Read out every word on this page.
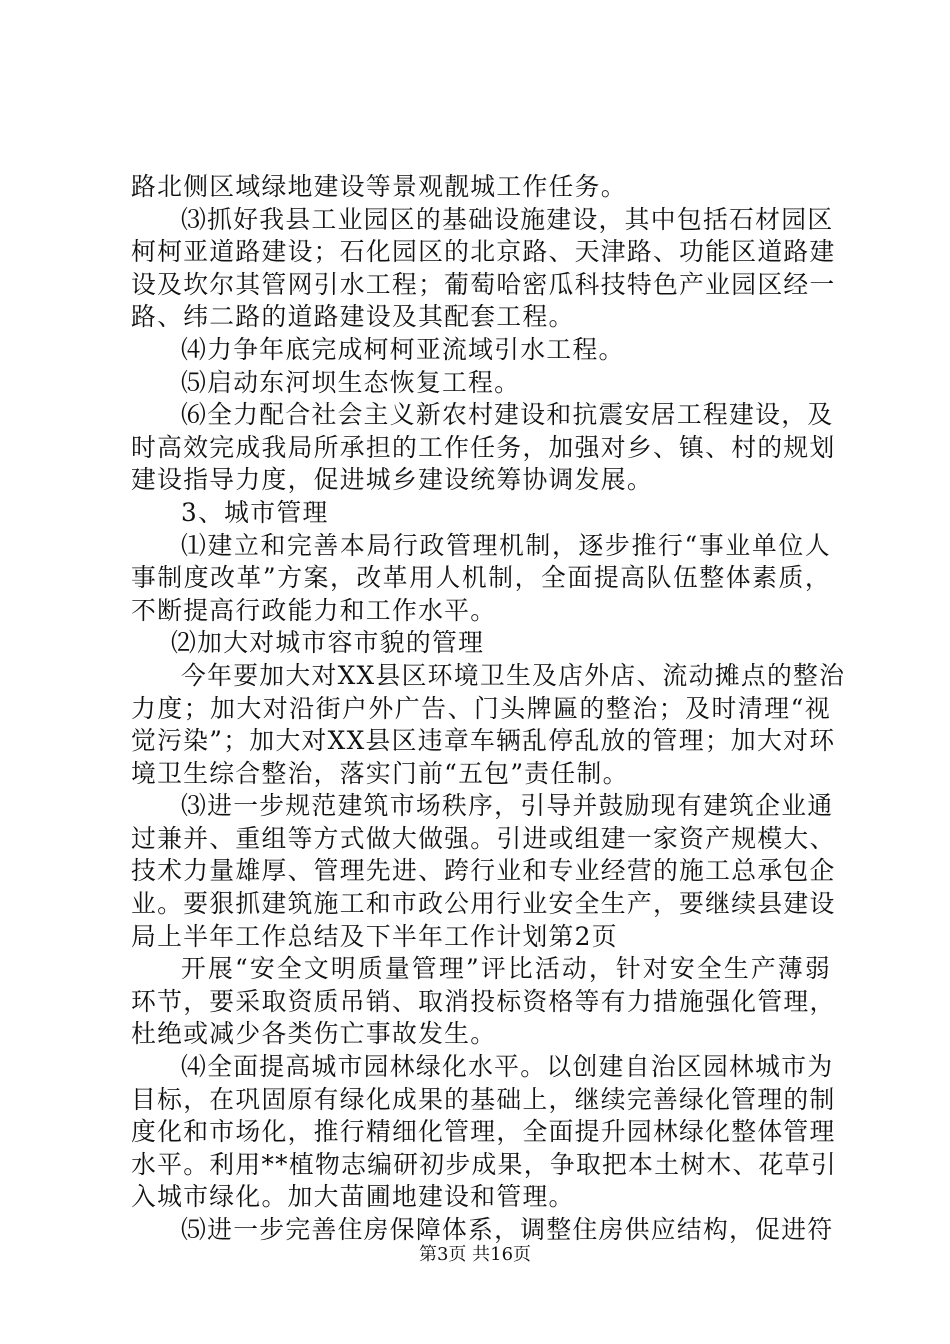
路北侧区域绿地建设等景观靓城工作任务。
⑶抓好我县工业园区的基础设施建设，其中包括石材园区
柯柯亚道路建设；石化园区的北京路、天津路、功能区道路建
设及坎尔其管网引水工程；葡萄哈密瓜科技特色产业园区经一
路、纬二路的道路建设及其配套工程。
⑷力争年底完成柯柯亚流域引水工程。
⑸启动东河坝生态恢复工程。
⑹全力配合社会主义新农村建设和抗震安居工程建设，及
时高效完成我局所承担的工作任务，加强对乡、镇、村的规划
建设指导力度，促进城乡建设统筹协调发展。
3、城市管理
⑴建立和完善本局行政管理机制，逐步推行“事业单位人
事制度改革”方案，改革用人机制，全面提高队伍整体素质，
不断提高行政能力和工作水平。
⑵加大对城市容市貌的管理
今年要加大对XX县区环境卫生及店外店、流动摊点的整治
力度；加大对沿街户外广告、门头牌匾的整治；及时清理“视
觉污染”；加大对XX县区违章车辆乱停乱放的管理；加大对环
境卫生综合整治，落实门前“五包”责任制。
⑶进一步规范建筑市场秩序，引导并鼓励现有建筑企业通
过兼并、重组等方式做大做强。引进或组建一家资产规模大、
技术力量雄厚、管理先进、跨行业和专业经营的施工总承包企
业。要狠抓建筑施工和市政公用行业安全生产，要继续县建设
局上半年工作总结及下半年工作计划第2页
开展“安全文明质量管理”评比活动，针对安全生产薄弱
环节，要采取资质吊销、取消投标资格等有力措施强化管理，
杜绝或减少各类伤亡事故发生。
⑷全面提高城市园林绿化水平。以创建自治区园林城市为
目标，在巩固原有绿化成果的基础上，继续完善绿化管理的制
度化和市场化，推行精细化管理，全面提升园林绿化整体管理
水平。利用**植物志编研初步成果，争取把本土树木、花草引
入城市绿化。加大苗圃地建设和管理。
⑸进一步完善住房保障体系，调整住房供应结构，促进符
第3页 共16页
